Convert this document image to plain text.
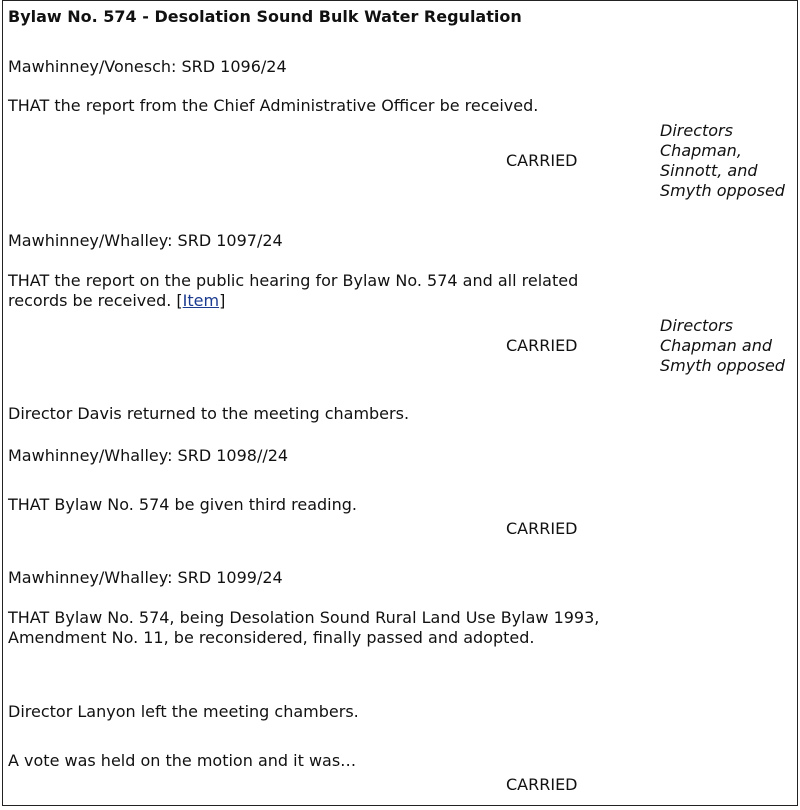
Bylaw No. 574 - Desolation Sound Bulk Water Regulation
Mawhinney/Vonesch: SRD 1096/24
THAT the report from the Chief Administrative Officer be received.
CARRIED
Directors
Chapman,
Sinnott, and
Smyth opposed
Mawhinney/Whalley: SRD 1097/24
THAT the report on the public hearing for Bylaw No. 574 and all related
records be received. [Item]
CARRIED
Directors
Chapman and
Smyth opposed
Director Davis returned to the meeting chambers.
Mawhinney/Whalley: SRD 1098//24
THAT Bylaw No. 574 be given third reading.
CARRIED
Mawhinney/Whalley: SRD 1099/24
THAT Bylaw No. 574, being Desolation Sound Rural Land Use Bylaw 1993,
Amendment No. 11, be reconsidered, finally passed and adopted.
Director Lanyon left the meeting chambers.
A vote was held on the motion and it was…
CARRIED
